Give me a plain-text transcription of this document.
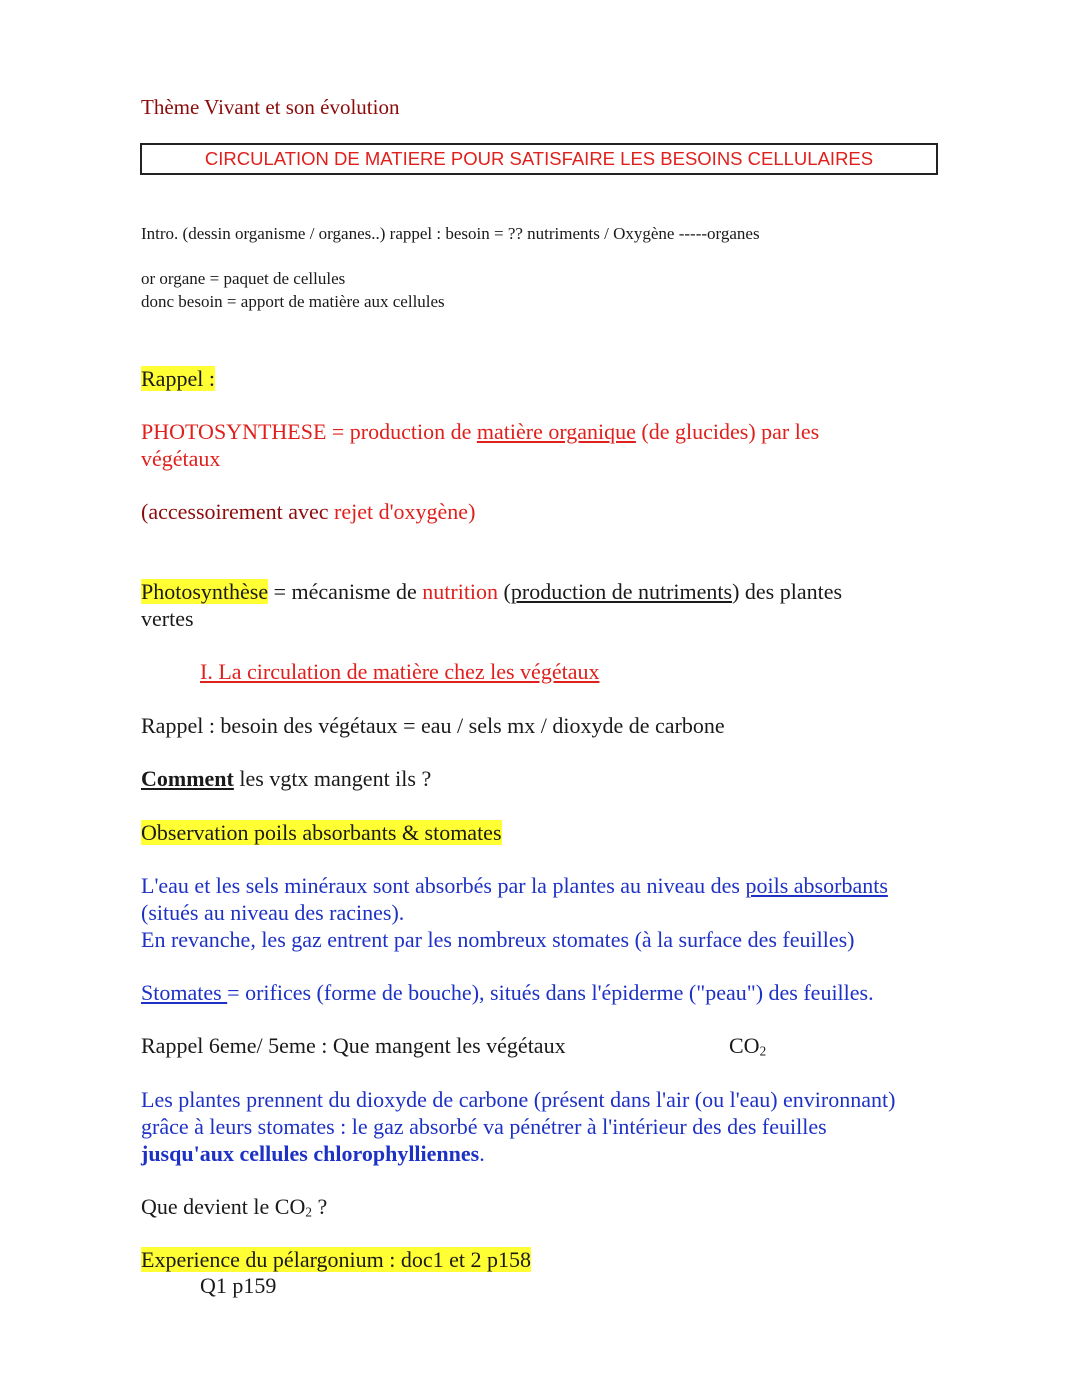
Thème Vivant et son évolution
CIRCULATION DE MATIERE POUR SATISFAIRE LES BESOINS CELLULAIRES
Intro. (dessin organisme / organes..) rappel : besoin = ?? nutriments / Oxygène -----organes
or organe = paquet de cellules
donc besoin = apport de matière aux cellules
Rappel :
PHOTOSYNTHESE = production de matière organique (de glucides) par les
végétaux
(accessoirement avec rejet d'oxygène)
Photosynthèse = mécanisme de nutrition (production de nutriments) des plantes
vertes
I. La circulation de matière chez les végétaux
Rappel : besoin des végétaux = eau / sels mx / dioxyde de carbone
Comment les vgtx mangent ils ?
Observation poils absorbants & stomates
L'eau et les sels minéraux sont absorbés par la plantes au niveau des poils absorbants
(situés au niveau des racines).
En revanche, les gaz entrent par les nombreux stomates (à la surface des feuilles)
Stomates = orifices (forme de bouche), situés dans l'épiderme ("peau") des feuilles.
Rappel 6eme/ 5eme : Que mangent les végétaux	$CO_2$
Les plantes prennent du dioxyde de carbone (présent dans l'air (ou l'eau) environnant)
grâce à leurs stomates : le gaz absorbé va pénétrer à l'intérieur des des feuilles
jusqu'aux cellules chlorophylliennes.
Que devient le $CO_2$ ?
Experience du pélargonium : doc1 et 2 p158
Q1 p159
